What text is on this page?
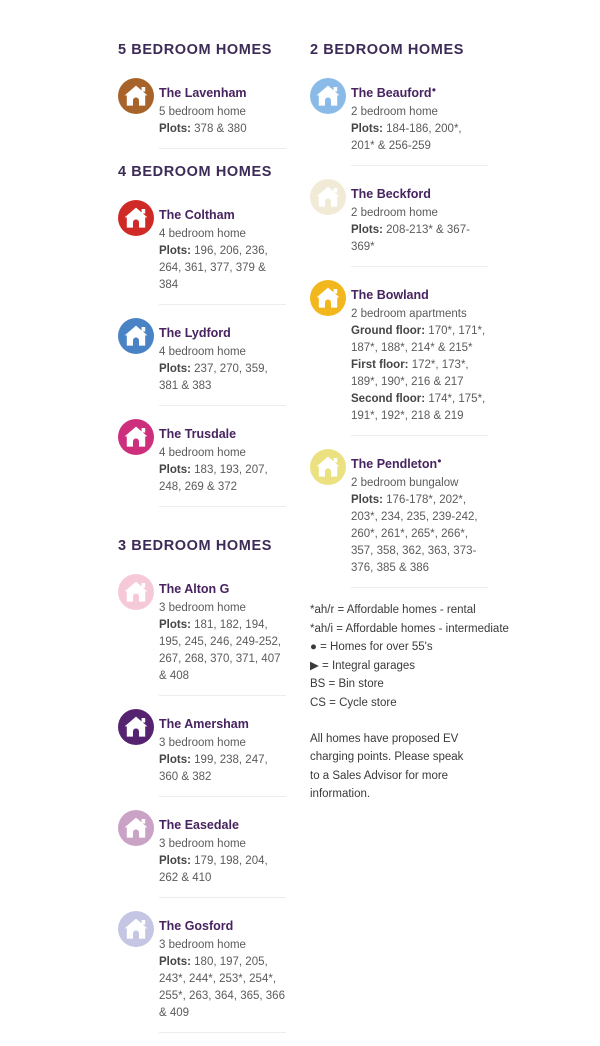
5 BEDROOM HOMES
The Lavenham
5 bedroom home
Plots: 378 & 380
4 BEDROOM HOMES
The Coltham
4 bedroom home
Plots: 196, 206, 236, 264, 361, 377, 379 & 384
The Lydford
4 bedroom home
Plots: 237, 270, 359, 381 & 383
The Trusdale
4 bedroom home
Plots: 183, 193, 207, 248, 269 & 372
3 BEDROOM HOMES
The Alton G
3 bedroom home
Plots: 181, 182, 194, 195, 245, 246, 249-252, 267, 268, 370, 371, 407 & 408
The Amersham
3 bedroom home
Plots: 199, 238, 247, 360 & 382
The Easedale
3 bedroom home
Plots: 179, 198, 204, 262 & 410
The Gosford
3 bedroom home
Plots: 180, 197, 205, 243*, 244*, 253*, 254*, 255*, 263, 364, 365, 366 & 409
2 BEDROOM HOMES
The Beauford●
2 bedroom home
Plots: 184-186, 200*, 201* & 256-259
The Beckford
2 bedroom home
Plots: 208-213* & 367-369*
The Bowland
2 bedroom apartments
Ground floor: 170*, 171*, 187*, 188*, 214* & 215*
First floor: 172*, 173*, 189*, 190*, 216 & 217
Second floor: 174*, 175*, 191*, 192*, 218 & 219
The Pendleton●
2 bedroom bungalow
Plots: 176-178*, 202*, 203*, 234, 235, 239-242, 260*, 261*, 265*, 266*, 357, 358, 362, 363, 373-376, 385 & 386
*ah/r = Affordable homes - rental
*ah/i = Affordable homes - intermediate
● = Homes for over 55's
▶ = Integral garages
BS = Bin store
CS = Cycle store
All homes have proposed EV charging points. Please speak to a Sales Advisor for more information.
